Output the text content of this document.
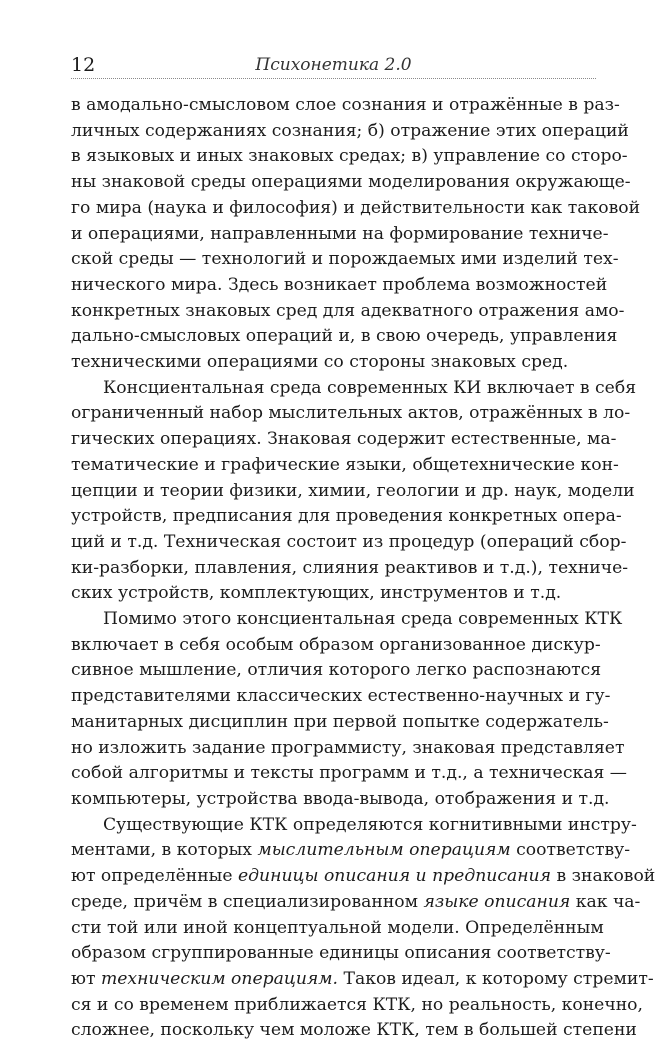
12	Психонетика 2.0
в амодально-смысловом слое сознания и отражённые в раз-
личных содержаниях сознания; б) отражение этих операций
в языковых и иных знаковых средах; в) управление со сторо-
ны знаковой среды операциями моделирования окружающе-
го мира (наука и философия) и действительности как таковой
и операциями, направленными на формирование техниче-
ской среды — технологий и порождаемых ими изделий тех-
нического мира. Здесь возникает проблема возможностей
конкретных знаковых сред для адекватного отражения амо-
дально-смысловых операций и, в свою очередь, управления
техническими операциями со стороны знаковых сред.
Консциентальная среда современных КИ включает в себя
ограниченный набор мыслительных актов, отражённых в ло-
гических операциях. Знаковая содержит естественные, ма-
тематические и графические языки, общетехнические кон-
цепции и теории физики, химии, геологии и др. наук, модели
устройств, предписания для проведения конкретных опера-
ций и т.д. Техническая состоит из процедур (операций сбор-
ки-разборки, плавления, слияния реактивов и т.д.), техниче-
ских устройств, комплектующих, инструментов и т.д.
Помимо этого консциентальная среда современных КТК
включает в себя особым образом организованное дискур-
сивное мышление, отличия которого легко распознаются
представителями классических естественно-научных и гу-
манитарных дисциплин при первой попытке содержатель-
но изложить задание программисту, знаковая представляет
собой алгоритмы и тексты программ и т.д., а техническая —
компьютеры, устройства ввода-вывода, отображения и т.д.
Существующие КТК определяются когнитивными инстру-
ментами, в которых мыслительным операциям соответству-
ют определённые единицы описания и предписания в знаковой
среде, причём в специализированном языке описания как ча-
сти той или иной концептуальной модели. Определённым
образом сгруппированные единицы описания соответству-
ют техническим операциям. Таков идеал, к которому стремит-
ся и со временем приближается КТК, но реальность, конечно,
сложнее, поскольку чем моложе КТК, тем в большей степени
